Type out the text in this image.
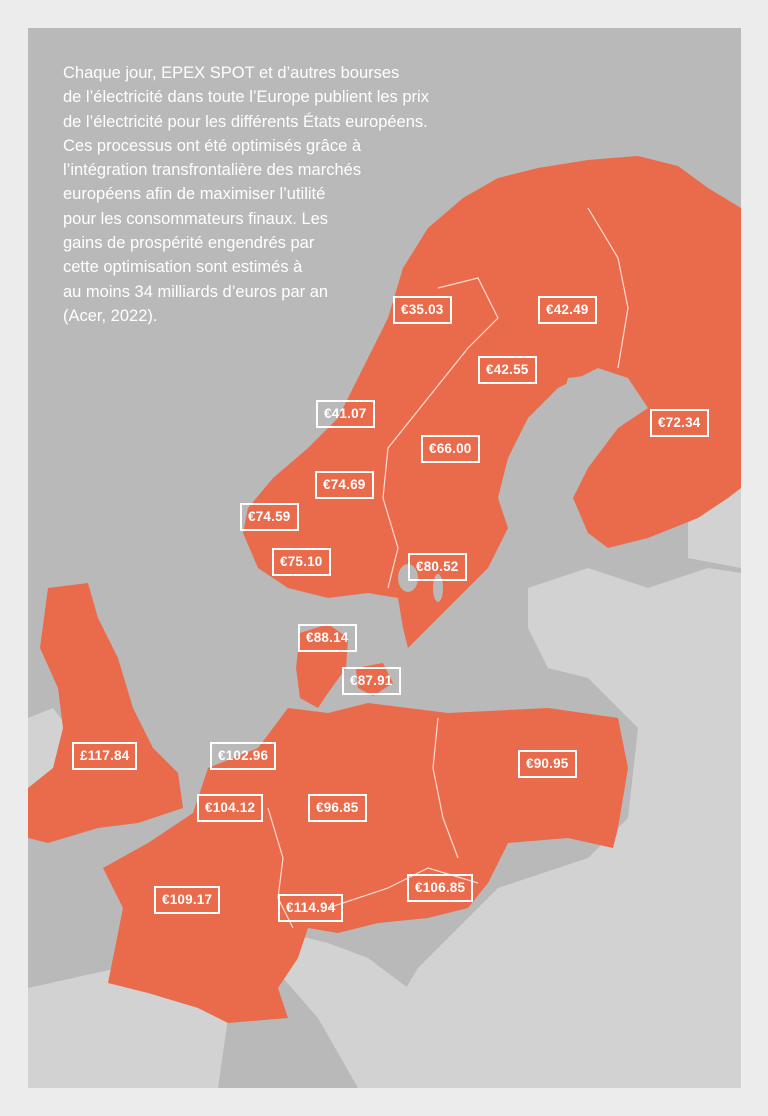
Chaque jour, EPEX SPOT et d’autres bourses
de l’électricité dans toute l’Europe publient les prix
de l’électricité pour les différents États européens.
Ces processus ont été optimisés grâce à
l’intégration transfrontalière des marchés
européens afin de maximiser l’utilité
pour les consommateurs finaux. Les
gains de prospérité engendrés par
cette optimisation sont estimés à
au moins 34 milliards d’euros par an
(Acer, 2022).	€35.03	€42.49
€42.55
€72.34
€41.07
€66.00
€74.69
€74.59
€75.10	€80.52
€88.14
€87.91
£117.84	€102.96
€90.95
€104.12	€96.85
€106.85
€109.17
€114.94
